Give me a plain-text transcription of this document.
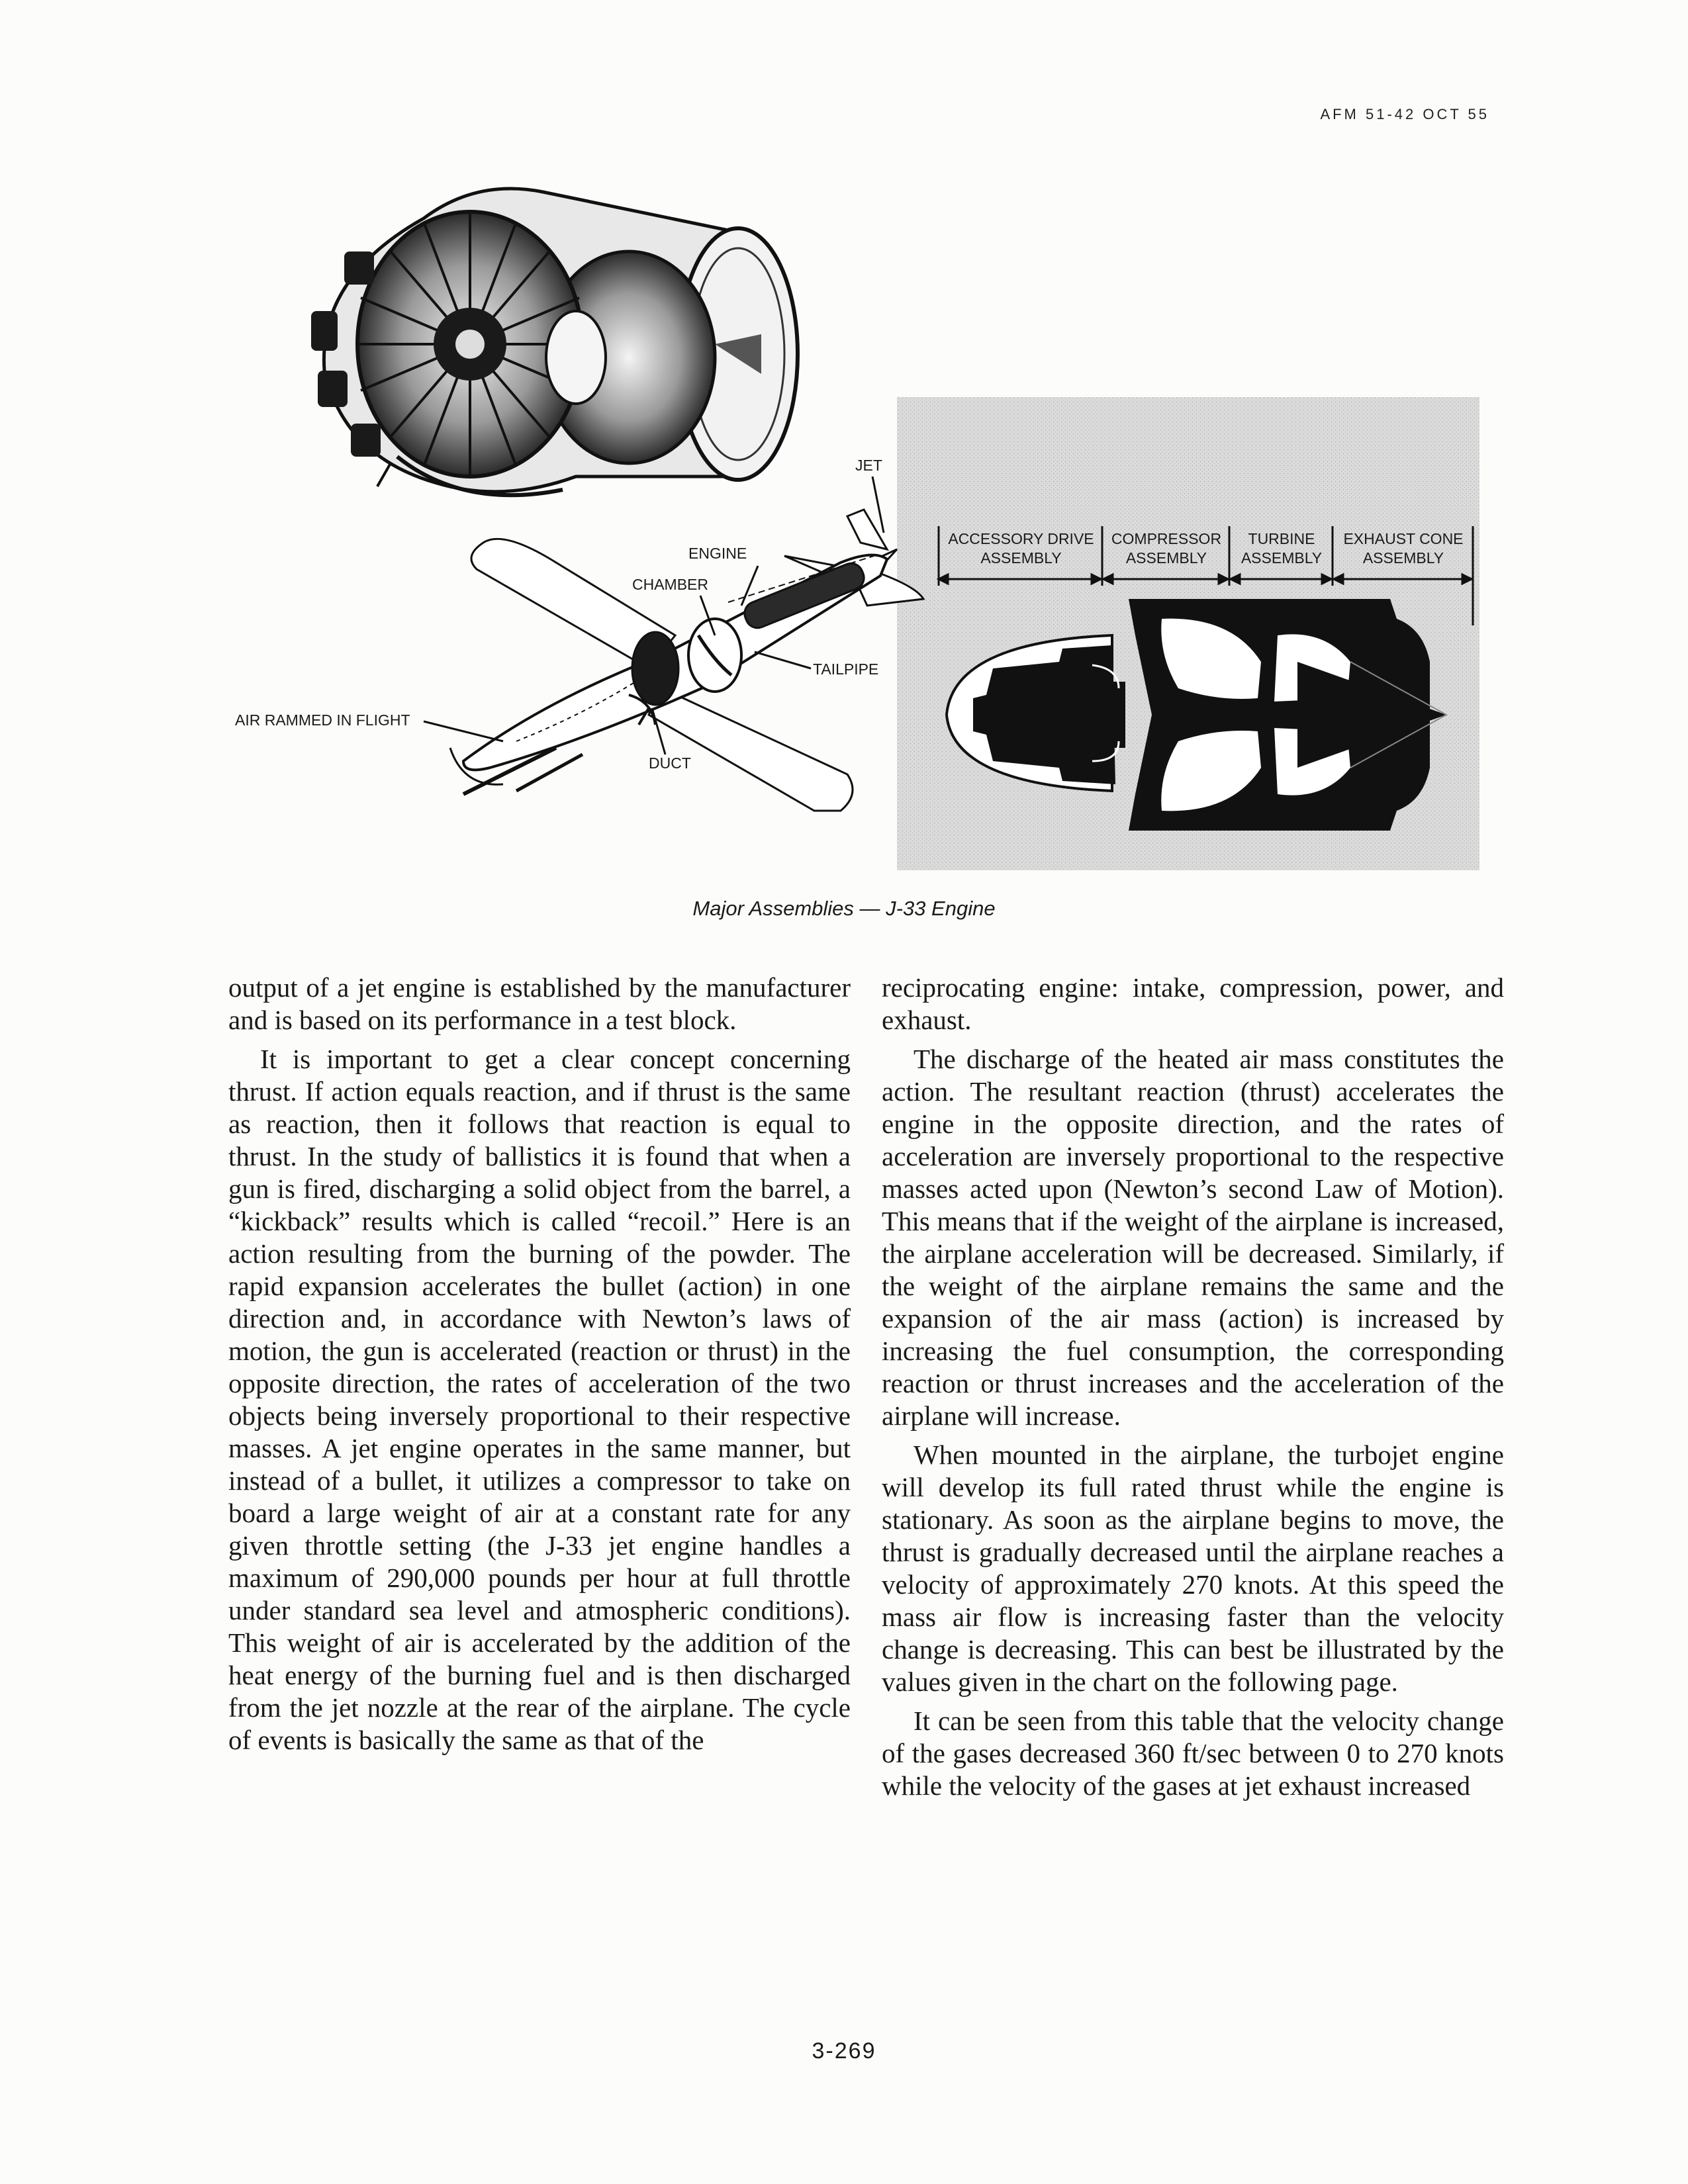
AFM 51-42 OCT 55
JET
ENGINE
CHAMBER
TAILPIPE
AIR RAMMED IN FLIGHT
DUCT
ACCESSORY DRIVE
ASSEMBLY
COMPRESSOR
ASSEMBLY
TURBINE
ASSEMBLY
EXHAUST CONE
ASSEMBLY
Major Assemblies — J-33 Engine

output of a jet engine is established by the manufacturer and is based on its performance in a test block.

It is important to get a clear concept concerning thrust. If action equals reaction, and if thrust is the same as reaction, then it follows that reaction is equal to thrust. In the study of ballistics it is found that when a gun is fired, discharging a solid object from the barrel, a “kickback” results which is called “recoil.” Here is an action resulting from the burning of the powder. The rapid expansion accelerates the bullet (action) in one direction and, in accordance with Newton’s laws of motion, the gun is accelerated (reaction or thrust) in the opposite direction, the rates of acceleration of the two objects being inversely proportional to their respective masses. A jet engine operates in the same manner, but instead of a bullet, it utilizes a compressor to take on board a large weight of air at a constant rate for any given throttle setting (the J-33 jet engine handles a maximum of 290,000 pounds per hour at full throttle under standard sea level and atmospheric conditions). This weight of air is accelerated by the addition of the heat energy of the burning fuel and is then discharged from the jet nozzle at the rear of the airplane. The cycle of events is basically the same as that of the

reciprocating engine: intake, compression, power, and exhaust.

The discharge of the heated air mass constitutes the action. The resultant reaction (thrust) accelerates the engine in the opposite direction, and the rates of acceleration are inversely proportional to the respective masses acted upon (Newton’s second Law of Motion). This means that if the weight of the airplane is increased, the airplane acceleration will be decreased. Similarly, if the weight of the airplane remains the same and the expansion of the air mass (action) is increased by increasing the fuel consumption, the corresponding reaction or thrust increases and the acceleration of the airplane will increase.

When mounted in the airplane, the turbojet engine will develop its full rated thrust while the engine is stationary. As soon as the airplane begins to move, the thrust is gradually decreased until the airplane reaches a velocity of approximately 270 knots. At this speed the mass air flow is increasing faster than the velocity change is decreasing. This can best be illustrated by the values given in the chart on the following page.

It can be seen from this table that the velocity change of the gases decreased 360 ft/sec between 0 to 270 knots while the velocity of the gases at jet exhaust increased

3-269
